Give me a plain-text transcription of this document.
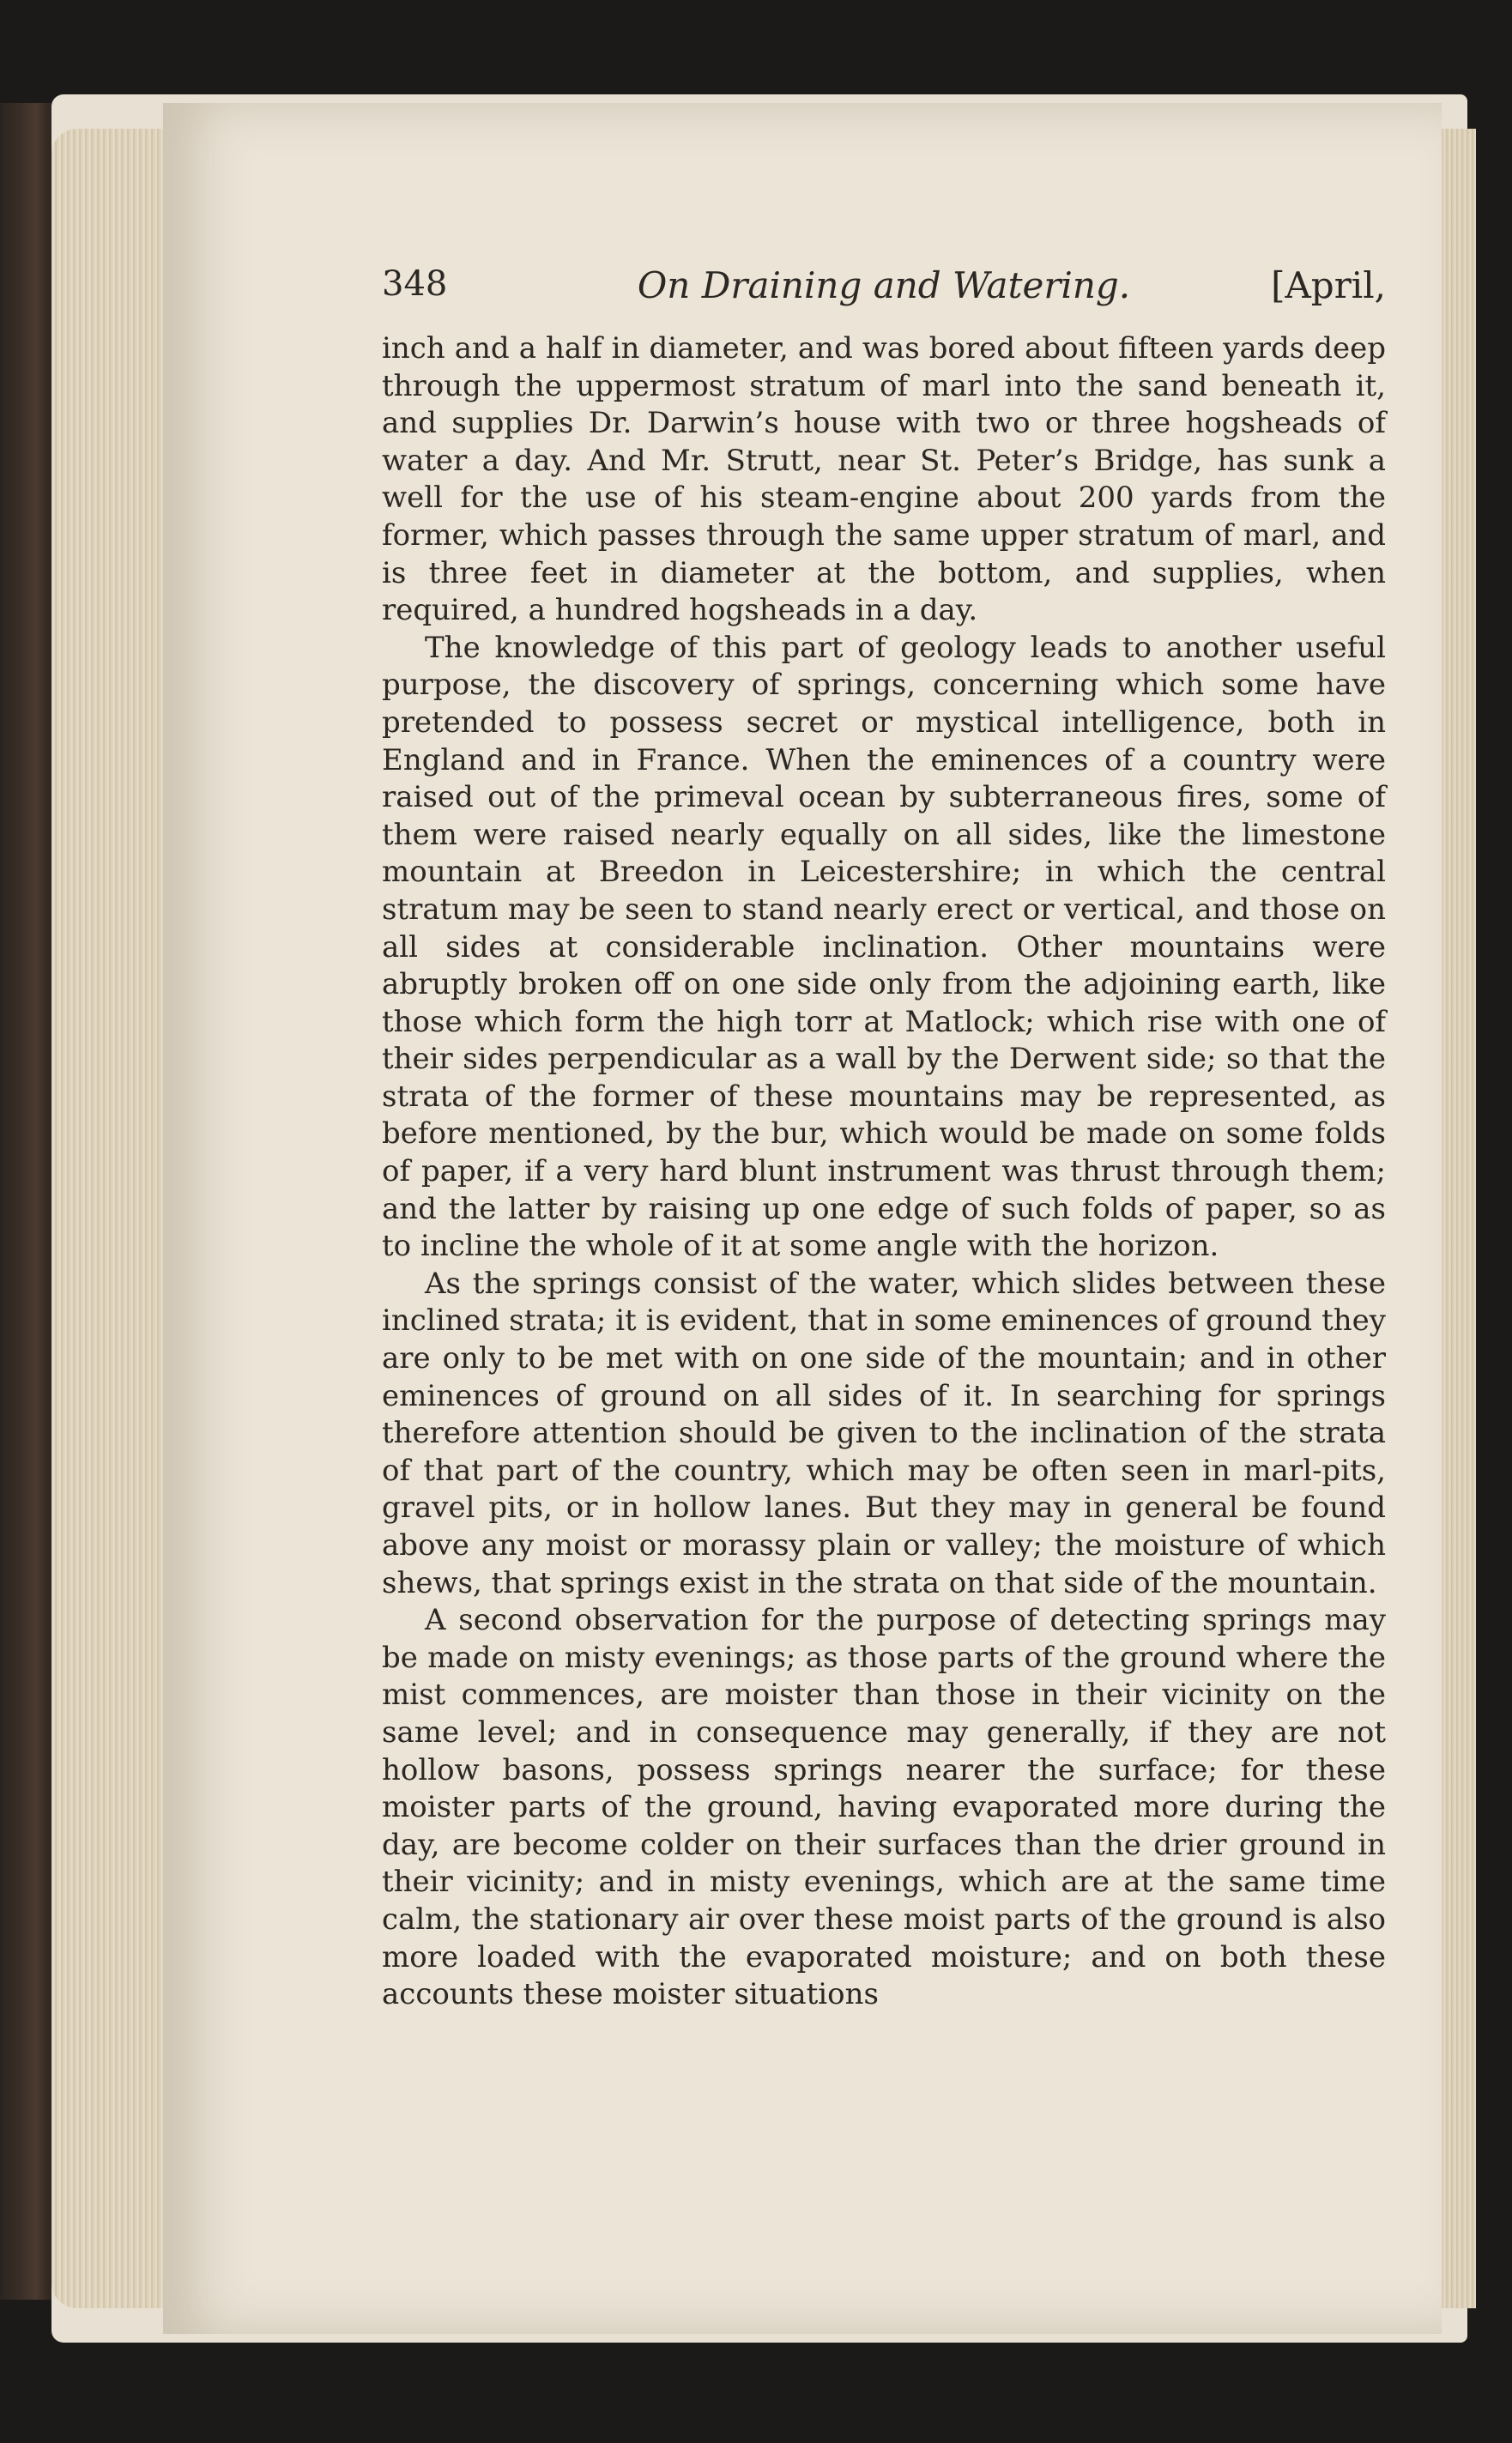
348	On Draining and Watering.	[April,

inch and a half in diameter, and was bored about fifteen yards deep through the uppermost stratum of marl into the sand beneath it, and supplies Dr. Darwin’s house with two or three hogsheads of water a day. And Mr. Strutt, near St. Peter’s Bridge, has sunk a well for the use of his steam-engine about 200 yards from the former, which passes through the same upper stratum of marl, and is three feet in diameter at the bottom, and supplies, when required, a hundred hogsheads in a day.

The knowledge of this part of geology leads to another useful purpose, the discovery of springs, concerning which some have pretended to possess secret or mystical intelligence, both in England and in France. When the eminences of a country were raised out of the primeval ocean by subterraneous fires, some of them were raised nearly equally on all sides, like the limestone mountain at Breedon in Leicestershire; in which the central stratum may be seen to stand nearly erect or vertical, and those on all sides at considerable inclination. Other mountains were abruptly broken off on one side only from the adjoining earth, like those which form the high torr at Matlock; which rise with one of their sides perpendicular as a wall by the Derwent side; so that the strata of the former of these mountains may be represented, as before mentioned, by the bur, which would be made on some folds of paper, if a very hard blunt instrument was thrust through them; and the latter by raising up one edge of such folds of paper, so as to incline the whole of it at some angle with the horizon.

As the springs consist of the water, which slides between these inclined strata; it is evident, that in some eminences of ground they are only to be met with on one side of the mountain; and in other eminences of ground on all sides of it. In searching for springs therefore attention should be given to the inclination of the strata of that part of the country, which may be often seen in marl-pits, gravel pits, or in hollow lanes. But they may in general be found above any moist or morassy plain or valley; the moisture of which shews, that springs exist in the strata on that side of the mountain.

A second observation for the purpose of detecting springs may be made on misty evenings; as those parts of the ground where the mist commences, are moister than those in their vicinity on the same level; and in consequence may generally, if they are not hollow basons, possess springs nearer the surface; for these moister parts of the ground, having evaporated more during the day, are become colder on their surfaces than the drier ground in their vicinity; and in misty evenings, which are at the same time calm, the stationary air over these moist parts of the ground is also more loaded with the evaporated moisture; and on both these accounts these moister situations
